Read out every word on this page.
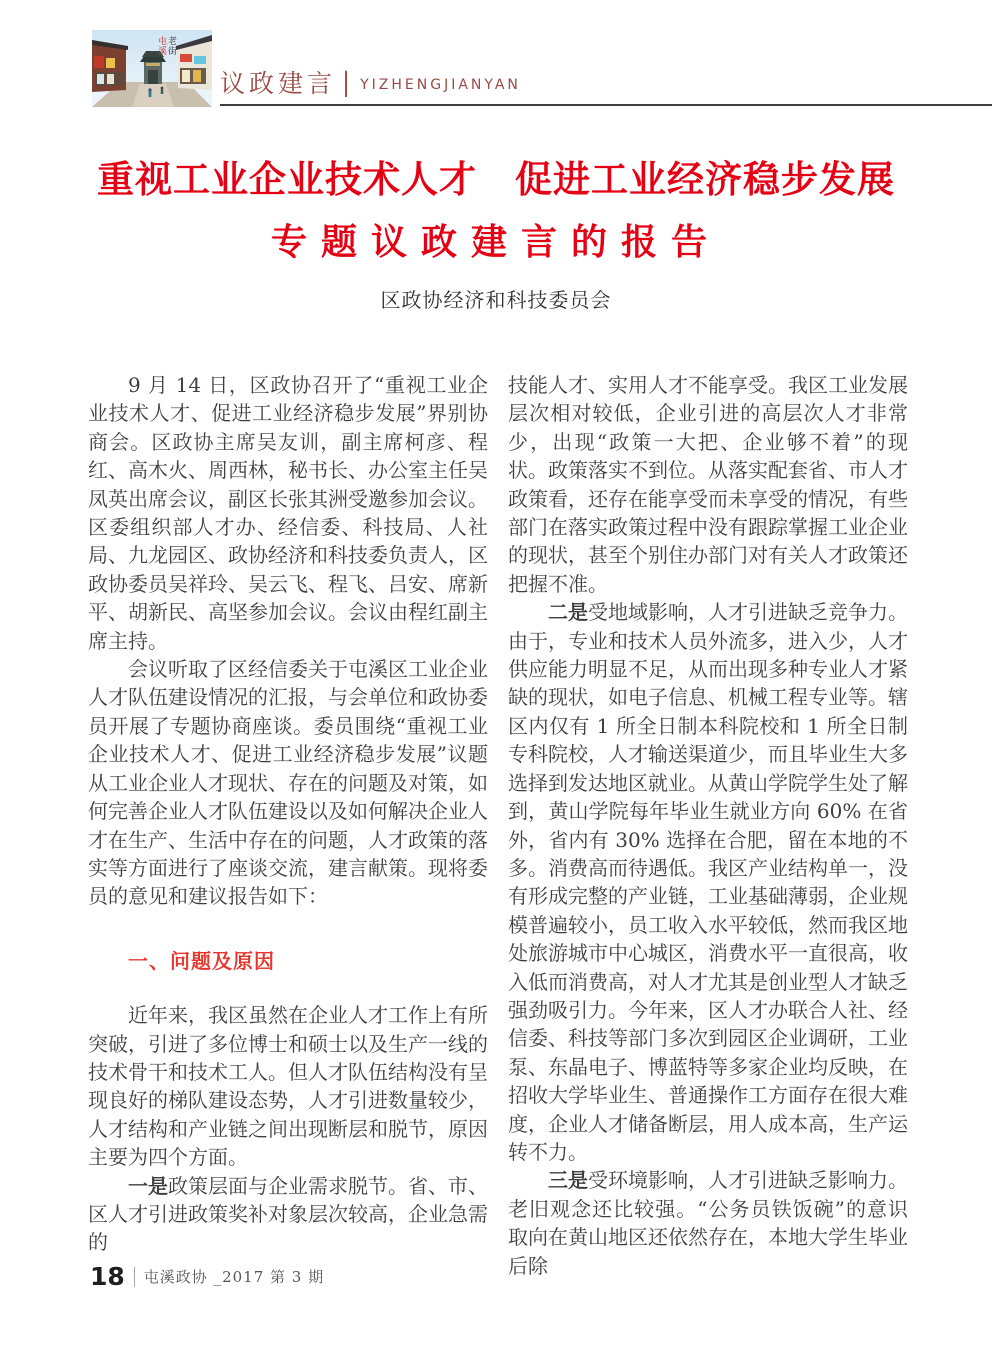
屯溪 老街
议政建言 | YIZHENGJIANYAN
重视工业企业技术人才　促进工业经济稳步发展
专题议政建言的报告
区政协经济和科技委员会

9 月 14 日，区政协召开了“重视工业企业技术人才、促进工业经济稳步发展”界别协商会。区政协主席吴友训，副主席柯彦、程红、高木火、周西林，秘书长、办公室主任吴凤英出席会议，副区长张其洲受邀参加会议。区委组织部人才办、经信委、科技局、人社局、九龙园区、政协经济和科技委负责人，区政协委员吴祥玲、吴云飞、程飞、吕安、席新平、胡新民、高坚参加会议。会议由程红副主席主持。

会议听取了区经信委关于屯溪区工业企业人才队伍建设情况的汇报，与会单位和政协委员开展了专题协商座谈。委员围绕“重视工业企业技术人才、促进工业经济稳步发展”议题从工业企业人才现状、存在的问题及对策，如何完善企业人才队伍建设以及如何解决企业人才在生产、生活中存在的问题，人才政策的落实等方面进行了座谈交流，建言献策。现将委员的意见和建议报告如下：

一、问题及原因

近年来，我区虽然在企业人才工作上有所突破，引进了多位博士和硕士以及生产一线的技术骨干和技术工人。但人才队伍结构没有呈现良好的梯队建设态势，人才引进数量较少，人才结构和产业链之间出现断层和脱节，原因主要为四个方面。

一是政策层面与企业需求脱节。省、市、区人才引进政策奖补对象层次较高，企业急需的

技能人才、实用人才不能享受。我区工业发展层次相对较低，企业引进的高层次人才非常少，出现“政策一大把、企业够不着”的现状。政策落实不到位。从落实配套省、市人才政策看，还存在能享受而未享受的情况，有些部门在落实政策过程中没有跟踪掌握工业企业的现状，甚至个别住办部门对有关人才政策还把握不准。

二是受地域影响，人才引进缺乏竞争力。由于，专业和技术人员外流多，进入少，人才供应能力明显不足，从而出现多种专业人才紧缺的现状，如电子信息、机械工程专业等。辖区内仅有 1 所全日制本科院校和 1 所全日制专科院校，人才输送渠道少，而且毕业生大多选择到发达地区就业。从黄山学院学生处了解到，黄山学院每年毕业生就业方向 60% 在省外，省内有 30% 选择在合肥，留在本地的不多。消费高而待遇低。我区产业结构单一，没有形成完整的产业链，工业基础薄弱，企业规模普遍较小，员工收入水平较低，然而我区地处旅游城市中心城区，消费水平一直很高，收入低而消费高，对人才尤其是创业型人才缺乏强劲吸引力。今年来，区人才办联合人社、经信委、科技等部门多次到园区企业调研，工业泵、东晶电子、博蓝特等多家企业均反映，在招收大学毕业生、普通操作工方面存在很大难度，企业人才储备断层，用人成本高，生产运转不力。

三是受环境影响，人才引进缺乏影响力。老旧观念还比较强。“公务员铁饭碗”的意识取向在黄山地区还依然存在，本地大学生毕业后除

18 屯溪政协 _2017 第 3 期
